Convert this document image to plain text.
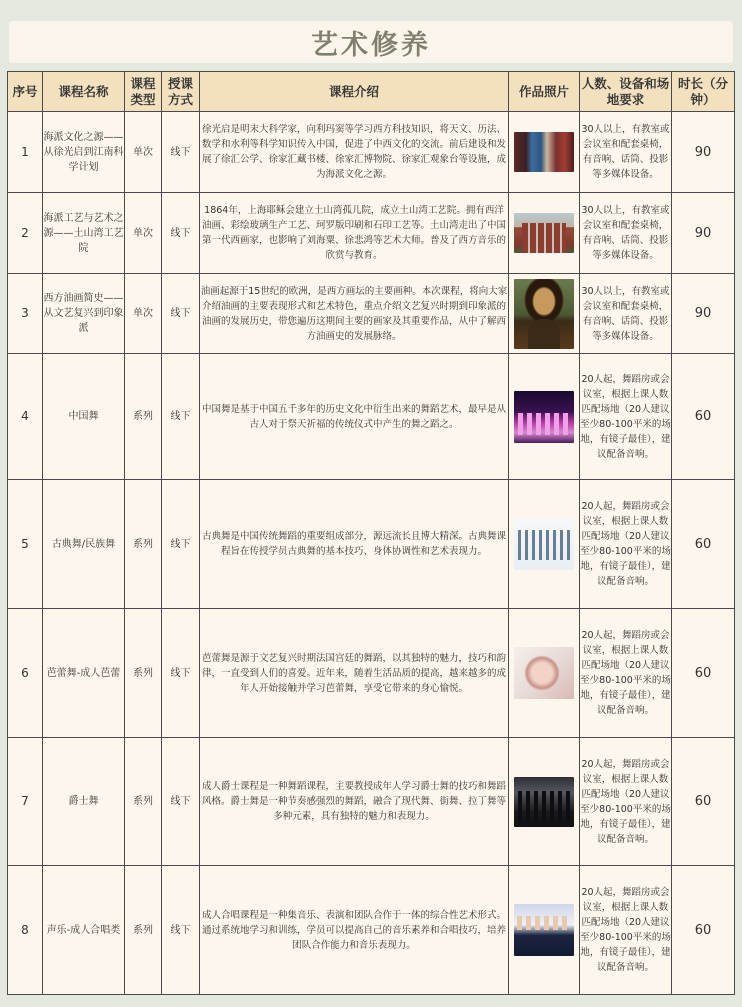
艺术修养
序号	课程名称	课程类型	授课方式	课程介绍	作品照片	人数、设备和场地要求	时长（分钟）
1	海派文化之源——从徐光启到江南科学计划	单次	线下	徐光启是明末大科学家，向利玛窦等学习西方科技知识，将天文、历法、数学和水利等科学知识传入中国，促进了中西文化的交流。前后建设和发展了徐汇公学、徐家汇藏书楼、徐家汇博物院、徐家汇观象台等设施，成为海派文化之源。		30人以上，有教室或会议室和配套桌椅，有音响、话筒、投影等多媒体设备。	90
2	海派工艺与艺术之源——土山湾工艺院	单次	线下	1864年，上海耶稣会建立土山湾孤儿院，成立土山湾工艺院。拥有西洋油画、彩绘玻璃生产工艺、珂罗版印刷和石印工艺等。土山湾走出了中国第一代西画家，也影响了刘海粟、徐悲鸿等艺术大师。普及了西方音乐的欣赏与教育。		30人以上，有教室或会议室和配套桌椅，有音响、话筒、投影等多媒体设备。	90
3	西方油画简史——从文艺复兴到印象派	单次	线下	油画起源于15世纪的欧洲，是西方画坛的主要画种。本次课程，将向大家介绍油画的主要表现形式和艺术特色，重点介绍文艺复兴时期到印象派的油画的发展历史，带您遍历这期间主要的画家及其重要作品，从中了解西方油画史的发展脉络。		30人以上，有教室或会议室和配套桌椅，有音响、话筒、投影等多媒体设备。	90
4	中国舞	系列	线下	中国舞是基于中国五千多年的历史文化中衍生出来的舞蹈艺术，最早是从古人对于祭天祈福的传统仪式中产生的舞之蹈之。		20人起，舞蹈房或会议室，根据上课人数匹配场地（20人建议至少80-100平米的场地，有镜子最佳），建议配备音响。	60
5	古典舞/民族舞	系列	线下	古典舞是中国传统舞蹈的重要组成部分，源远流长且博大精深。古典舞课程旨在传授学员古典舞的基本技巧、身体协调性和艺术表现力。		20人起，舞蹈房或会议室，根据上课人数匹配场地（20人建议至少80-100平米的场地，有镜子最佳），建议配备音响。	60
6	芭蕾舞-成人芭蕾	系列	线下	芭蕾舞是源于文艺复兴时期法国宫廷的舞蹈，以其独特的魅力，技巧和韵律，一直受到人们的喜爱。近年来，随着生活品质的提高，越来越多的成年人开始接触并学习芭蕾舞，享受它带来的身心愉悦。		20人起，舞蹈房或会议室，根据上课人数匹配场地（20人建议至少80-100平米的场地，有镜子最佳），建议配备音响。	60
7	爵士舞	系列	线下	成人爵士课程是一种舞蹈课程，主要教授成年人学习爵士舞的技巧和舞蹈风格。爵士舞是一种节奏感强烈的舞蹈，融合了现代舞、街舞、拉丁舞等多种元素，具有独特的魅力和表现力。		20人起，舞蹈房或会议室，根据上课人数匹配场地（20人建议至少80-100平米的场地，有镜子最佳），建议配备音响。	60
8	声乐-成人合唱类	系列	线下	成人合唱课程是一种集音乐、表演和团队合作于一体的综合性艺术形式。通过系统地学习和训练，学员可以提高自己的音乐素养和合唱技巧，培养团队合作能力和音乐表现力。		20人起，舞蹈房或会议室，根据上课人数匹配场地（20人建议至少80-100平米的场地，有镜子最佳），建议配备音响。	60
